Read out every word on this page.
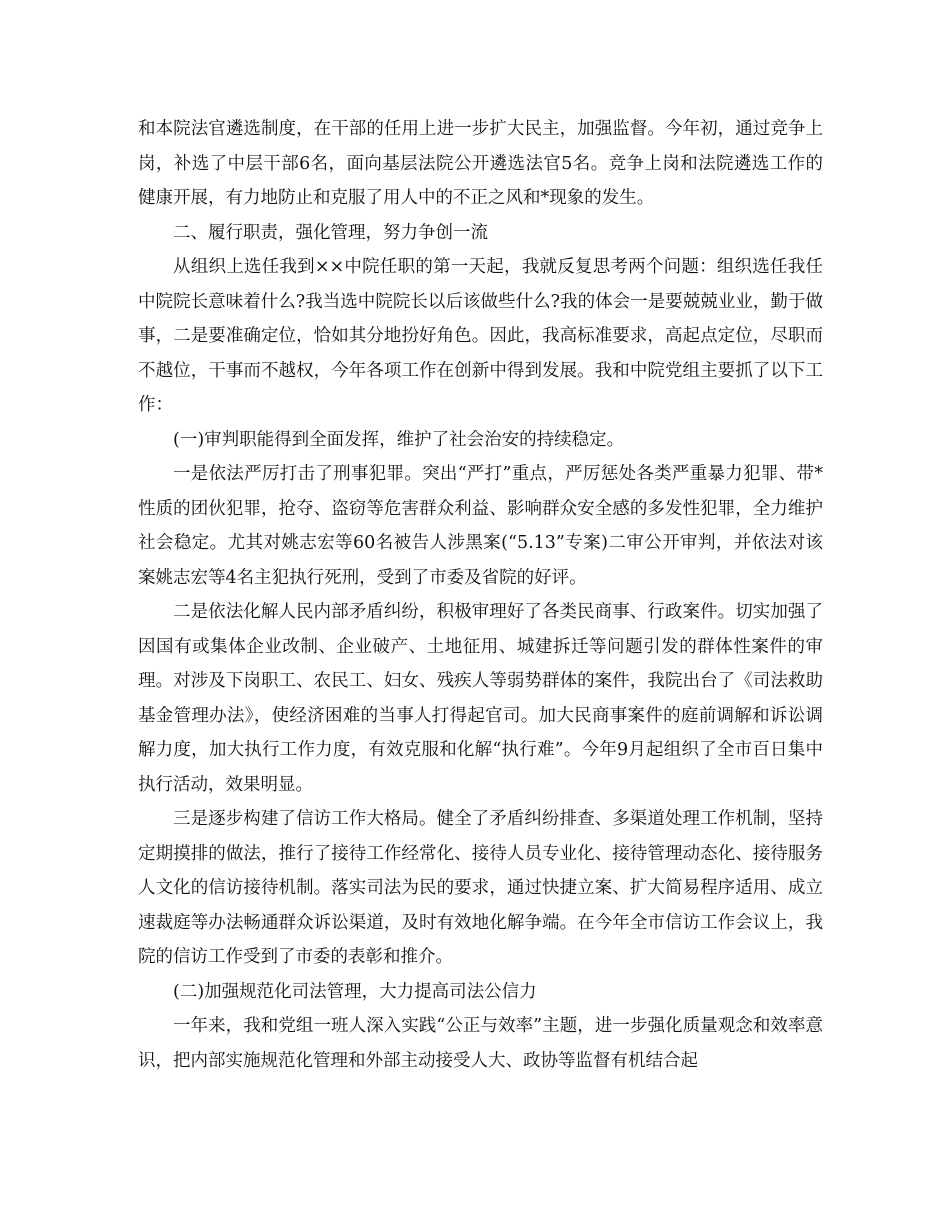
和本院法官遴选制度，在干部的任用上进一步扩大民主，加强监督。今年初，通过竞争上岗，补选了中层干部6名，面向基层法院公开遴选法官5名。竞争上岗和法院遴选工作的健康开展，有力地防止和克服了用人中的不正之风和*现象的发生。

二、履行职责，强化管理，努力争创一流

从组织上选任我到××中院任职的第一天起，我就反复思考两个问题：组织选任我任中院院长意味着什么?我当选中院院长以后该做些什么?我的体会一是要兢兢业业，勤于做事，二是要准确定位，恰如其分地扮好角色。因此，我高标准要求，高起点定位，尽职而不越位，干事而不越权，今年各项工作在创新中得到发展。我和中院党组主要抓了以下工作：

(一)审判职能得到全面发挥，维护了社会治安的持续稳定。

一是依法严厉打击了刑事犯罪。突出“严打”重点，严厉惩处各类严重暴力犯罪、带*性质的团伙犯罪，抢夺、盗窃等危害群众利益、影响群众安全感的多发性犯罪，全力维护社会稳定。尤其对姚志宏等60名被告人涉黑案(“5.13”专案)二审公开审判，并依法对该案姚志宏等4名主犯执行死刑，受到了市委及省院的好评。

二是依法化解人民内部矛盾纠纷，积极审理好了各类民商事、行政案件。切实加强了因国有或集体企业改制、企业破产、土地征用、城建拆迁等问题引发的群体性案件的审理。对涉及下岗职工、农民工、妇女、残疾人等弱势群体的案件，我院出台了《司法救助基金管理办法》，使经济困难的当事人打得起官司。加大民商事案件的庭前调解和诉讼调解力度，加大执行工作力度，有效克服和化解“执行难”。今年9月起组织了全市百日集中执行活动，效果明显。

三是逐步构建了信访工作大格局。健全了矛盾纠纷排查、多渠道处理工作机制，坚持定期摸排的做法，推行了接待工作经常化、接待人员专业化、接待管理动态化、接待服务人文化的信访接待机制。落实司法为民的要求，通过快捷立案、扩大简易程序适用、成立速裁庭等办法畅通群众诉讼渠道，及时有效地化解争端。在今年全市信访工作会议上，我院的信访工作受到了市委的表彰和推介。

(二)加强规范化司法管理，大力提高司法公信力

一年来，我和党组一班人深入实践“公正与效率”主题，进一步强化质量观念和效率意识，把内部实施规范化管理和外部主动接受人大、政协等监督有机结合起
